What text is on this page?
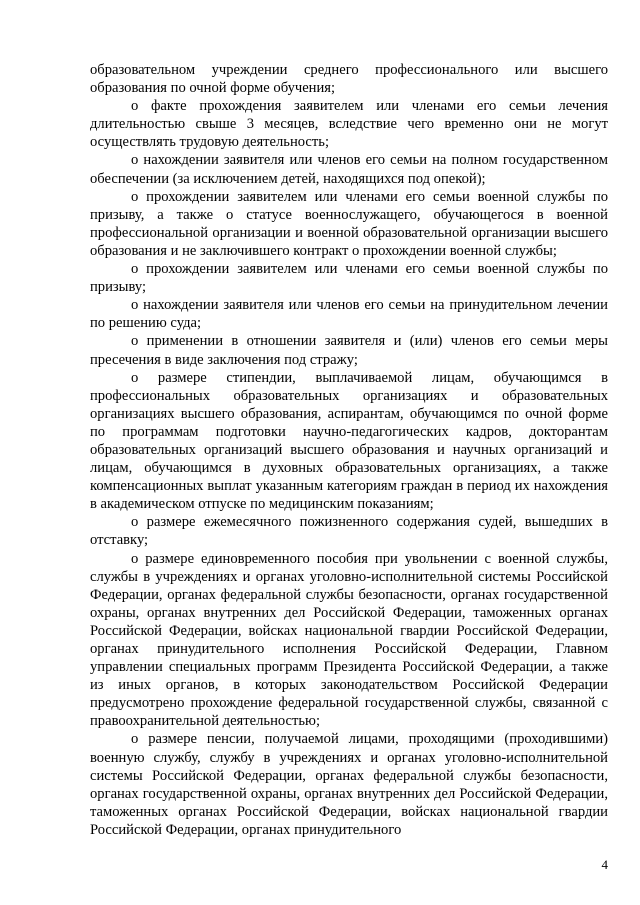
образовательном учреждении среднего профессионального или высшего образования по очной форме обучения;

о факте прохождения заявителем или членами его семьи лечения длительностью свыше 3 месяцев, вследствие чего временно они не могут осуществлять трудовую деятельность;

о нахождении заявителя или членов его семьи на полном государственном обеспечении (за исключением детей, находящихся под опекой);

о прохождении заявителем или членами его семьи военной службы по призыву, а также о статусе военнослужащего, обучающегося в военной профессиональной организации и военной образовательной организации высшего образования и не заключившего контракт о прохождении военной службы;

о прохождении заявителем или членами его семьи военной службы по призыву;

о нахождении заявителя или членов его семьи на принудительном лечении по решению суда;

о применении в отношении заявителя и (или) членов его семьи меры пресечения в виде заключения под стражу;

о размере стипендии, выплачиваемой лицам, обучающимся в профессиональных образовательных организациях и образовательных организациях высшего образования, аспирантам, обучающимся по очной форме по программам подготовки научно-педагогических кадров, докторантам образовательных организаций высшего образования и научных организаций и лицам, обучающимся в духовных образовательных организациях, а также компенсационных выплат указанным категориям граждан в период их нахождения в академическом отпуске по медицинским показаниям;

о размере ежемесячного пожизненного содержания судей, вышедших в отставку;

о размере единовременного пособия при увольнении с военной службы, службы в учреждениях и органах уголовно-исполнительной системы Российской Федерации, органах федеральной службы безопасности, органах государственной охраны, органах внутренних дел Российской Федерации, таможенных органах Российской Федерации, войсках национальной гвардии Российской Федерации, органах принудительного исполнения Российской Федерации, Главном управлении специальных программ Президента Российской Федерации, а также из иных органов, в которых законодательством Российской Федерации предусмотрено прохождение федеральной государственной службы, связанной с правоохранительной деятельностью;

о размере пенсии, получаемой лицами, проходящими (проходившими) военную службу, службу в учреждениях и органах уголовно-исполнительной системы Российской Федерации, органах федеральной службы безопасности, органах государственной охраны, органах внутренних дел Российской Федерации, таможенных органах Российской Федерации, войсках национальной гвардии Российской Федерации, органах принудительного

4
